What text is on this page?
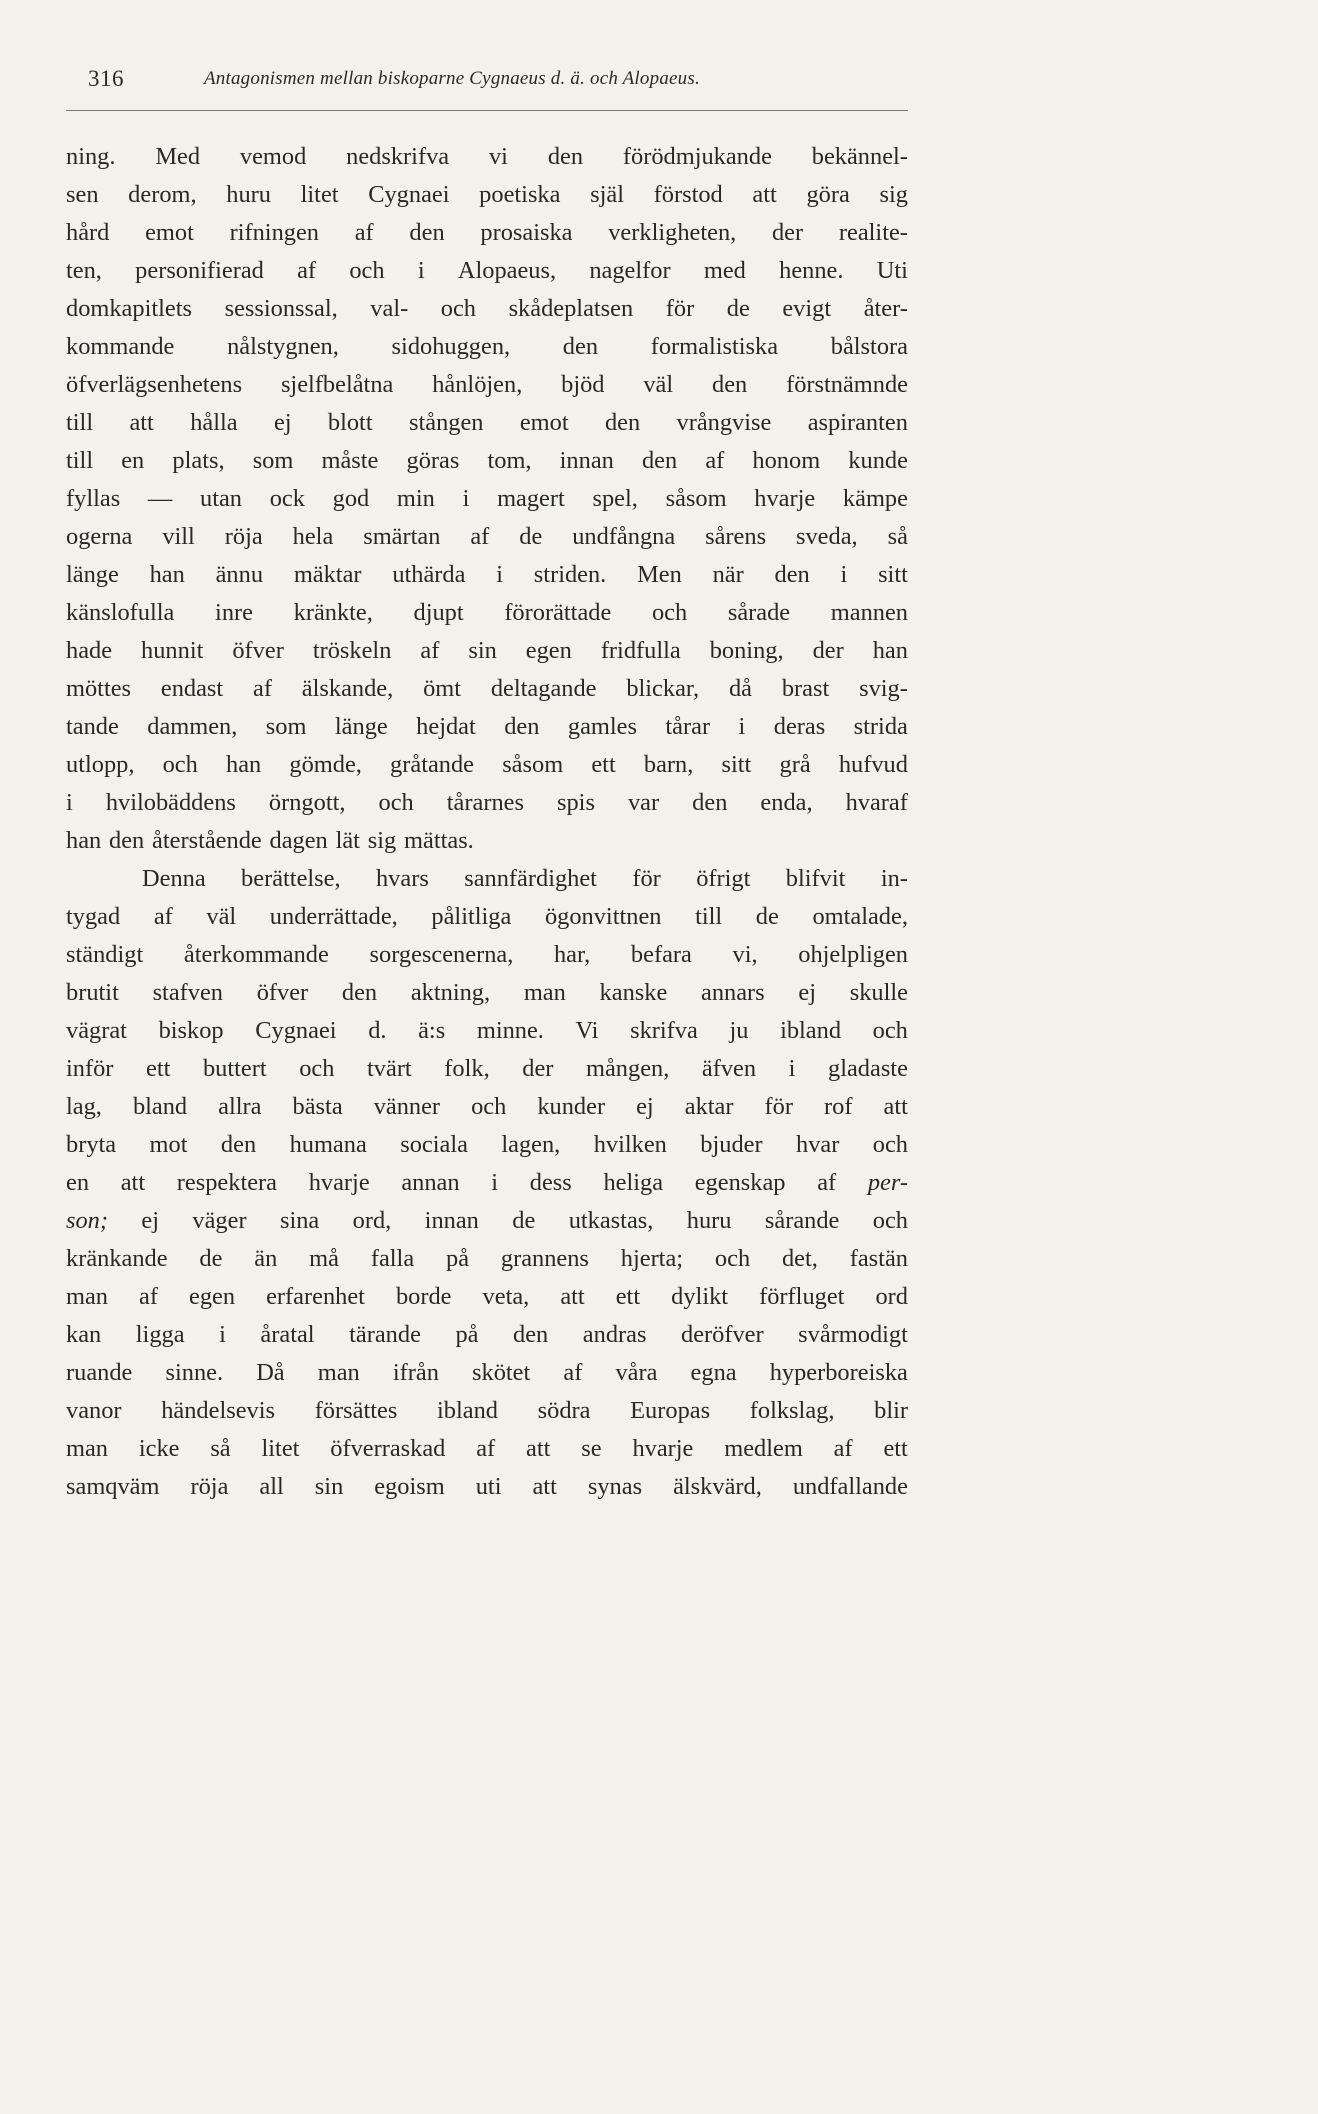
316	Antagonismen mellan biskoparne Cygnaeus d. ä. och Alopaeus.
ning. Med vemod nedskrifva vi den förödmjukande bekännel-
sen derom, huru litet Cygnaei poetiska själ förstod att göra sig
hård emot rifningen af den prosaiska verkligheten, der realite-
ten, personifierad af och i Alopaeus, nagelfor med henne. Uti
domkapitlets sessionssal, val- och skådeplatsen för de evigt åter-
kommande nålstygnen, sidohuggen, den formalistiska bålstora
öfverlägsenhetens sjelfbelåtna hånlöjen, bjöd väl den förstnämnde
till att hålla ej blott stången emot den vrångvise aspiranten
till en plats, som måste göras tom, innan den af honom kunde
fyllas — utan ock god min i magert spel, såsom hvarje kämpe
ogerna vill röja hela smärtan af de undfångna sårens sveda, så
länge han ännu mäktar uthärda i striden. Men när den i sitt
känslofulla inre kränkte, djupt förorättade och sårade mannen
hade hunnit öfver tröskeln af sin egen fridfulla boning, der han
möttes endast af älskande, ömt deltagande blickar, då brast svig-
tande dammen, som länge hejdat den gamles tårar i deras strida
utlopp, och han gömde, gråtande såsom ett barn, sitt grå hufvud
i hvilobäddens örngott, och tårarnes spis var den enda, hvaraf
han den återstående dagen lät sig mättas.
Denna berättelse, hvars sannfärdighet för öfrigt blifvit in-
tygad af väl underrättade, pålitliga ögonvittnen till de omtalade,
ständigt återkommande sorgescenerna, har, befara vi, ohjelpligen
brutit stafven öfver den aktning, man kanske annars ej skulle
vägrat biskop Cygnaei d. ä:s minne. Vi skrifva ju ibland och
inför ett buttert och tvärt folk, der mången, äfven i gladaste
lag, bland allra bästa vänner och kunder ej aktar för rof att
bryta mot den humana sociala lagen, hvilken bjuder hvar och
en att respektera hvarje annan i dess heliga egenskap af per-
son; ej väger sina ord, innan de utkastas, huru sårande och
kränkande de än må falla på grannens hjerta; och det, fastän
man af egen erfarenhet borde veta, att ett dylikt förfluget ord
kan ligga i åratal tärande på den andras deröfver svårmodigt
ruande sinne. Då man ifrån skötet af våra egna hyperboreiska
vanor händelsevis försättes ibland södra Europas folkslag, blir
man icke så litet öfverraskad af att se hvarje medlem af ett
samqväm röja all sin egoism uti att synas älskvärd, undfallande
